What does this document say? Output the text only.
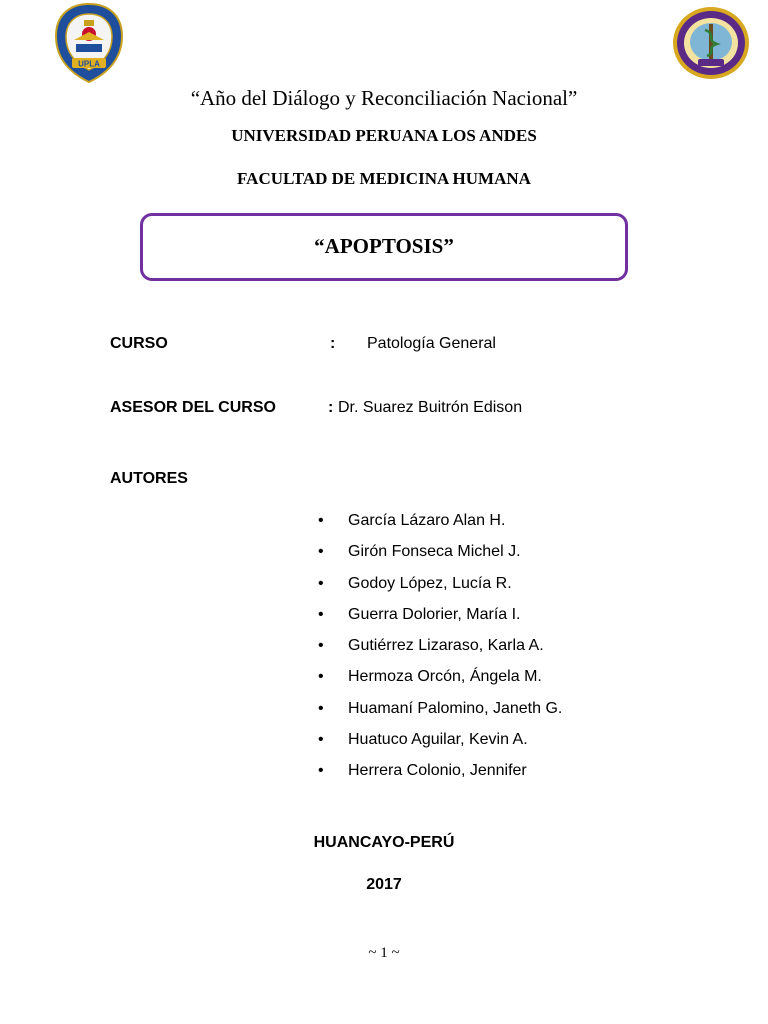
UPLA
“Año del Diálogo y Reconciliación Nacional”
UNIVERSIDAD PERUANA LOS ANDES
FACULTAD DE MEDICINA HUMANA
“APOPTOSIS”
CURSO	: Patología General
ASESOR DEL CURSO	: Dr. Suarez Buitrón Edison
AUTORES
• García Lázaro Alan H.
• Girón Fonseca Michel J.
• Godoy López, Lucía R.
• Guerra Dolorier, María I.
• Gutiérrez Lizaraso, Karla A.
• Hermoza Orcón, Ángela M.
• Huamaní Palomino, Janeth G.
• Huatuco Aguilar, Kevin A.
• Herrera Colonio, Jennifer
HUANCAYO-PERÚ
2017
~ 1 ~
